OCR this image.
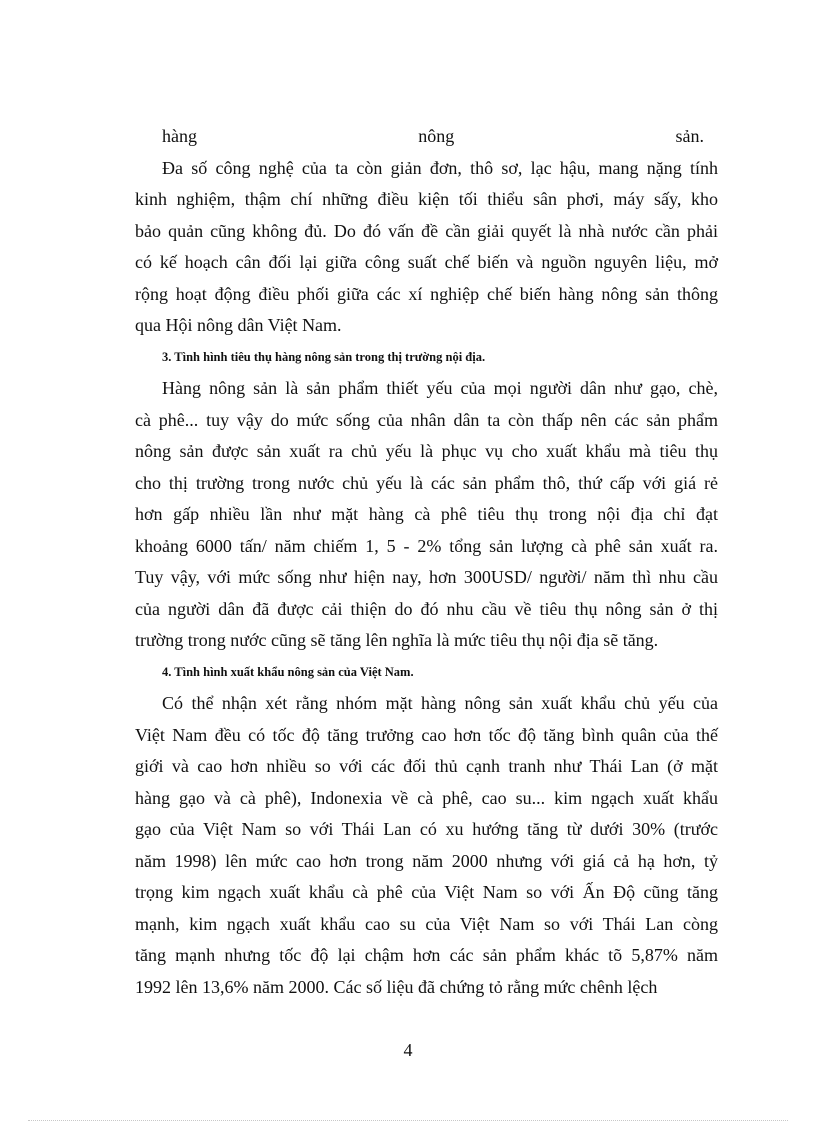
hàng	nông	sản.
Đa số công nghệ của ta còn giản đơn, thô sơ, lạc hậu, mang nặng tính
kinh nghiệm, thậm chí những điều kiện tối thiểu sân phơi, máy sấy, kho
bảo quản cũng không đủ. Do đó vấn đề cần giải quyết là nhà nước cần phải
có kế hoạch cân đối lại giữa công suất chế biến và nguồn nguyên liệu, mở
rộng hoạt động điều phối giữa các xí nghiệp chế biến hàng nông sản thông
qua Hội nông dân Việt Nam.
3. Tình hình tiêu thụ hàng nông sản trong thị trường nội địa.
Hàng nông sản là sản phẩm thiết yếu của mọi người dân như gạo, chè,
cà phê... tuy vậy do mức sống của nhân dân ta còn thấp nên các sản phẩm
nông sản được sản xuất ra chủ yếu là phục vụ cho xuất khẩu mà tiêu thụ
cho thị trường trong nước chủ yếu là các sản phẩm thô, thứ cấp với giá rẻ
hơn gấp nhiều lần như mặt hàng cà phê tiêu thụ trong nội địa chỉ đạt
khoảng 6000 tấn/ năm chiếm 1, 5 - 2% tổng sản lượng cà phê sản xuất ra.
Tuy vậy, với mức sống như hiện nay, hơn 300USD/ người/ năm thì nhu cầu
của người dân đã được cải thiện do đó nhu cầu về tiêu thụ nông sản ở thị
trường trong nước cũng sẽ tăng lên nghĩa là mức tiêu thụ nội địa sẽ tăng.
4. Tình hình xuất khẩu nông sản của Việt Nam.
Có thể nhận xét rằng nhóm mặt hàng nông sản xuất khẩu chủ yếu của
Việt Nam đều có tốc độ tăng trưởng cao hơn tốc độ tăng bình quân của thế
giới và cao hơn nhiều so với các đối thủ cạnh tranh như Thái Lan (ở mặt
hàng gạo và cà phê), Indonexia về cà phê, cao su... kim ngạch xuất khẩu
gạo của Việt Nam so với Thái Lan có xu hướng tăng từ dưới 30% (trước
năm 1998) lên mức cao hơn trong năm 2000 nhưng với giá cả hạ hơn, tỷ
trọng kim ngạch xuất khẩu cà phê của Việt Nam so với Ấn Độ cũng tăng
mạnh, kim ngạch xuất khẩu cao su của Việt Nam so với Thái Lan còng
tăng mạnh nhưng tốc độ lại chậm hơn các sản phẩm khác tõ 5,87% năm
1992 lên 13,6% năm 2000. Các số liệu đã chứng tỏ rằng mức chênh lệch
4
